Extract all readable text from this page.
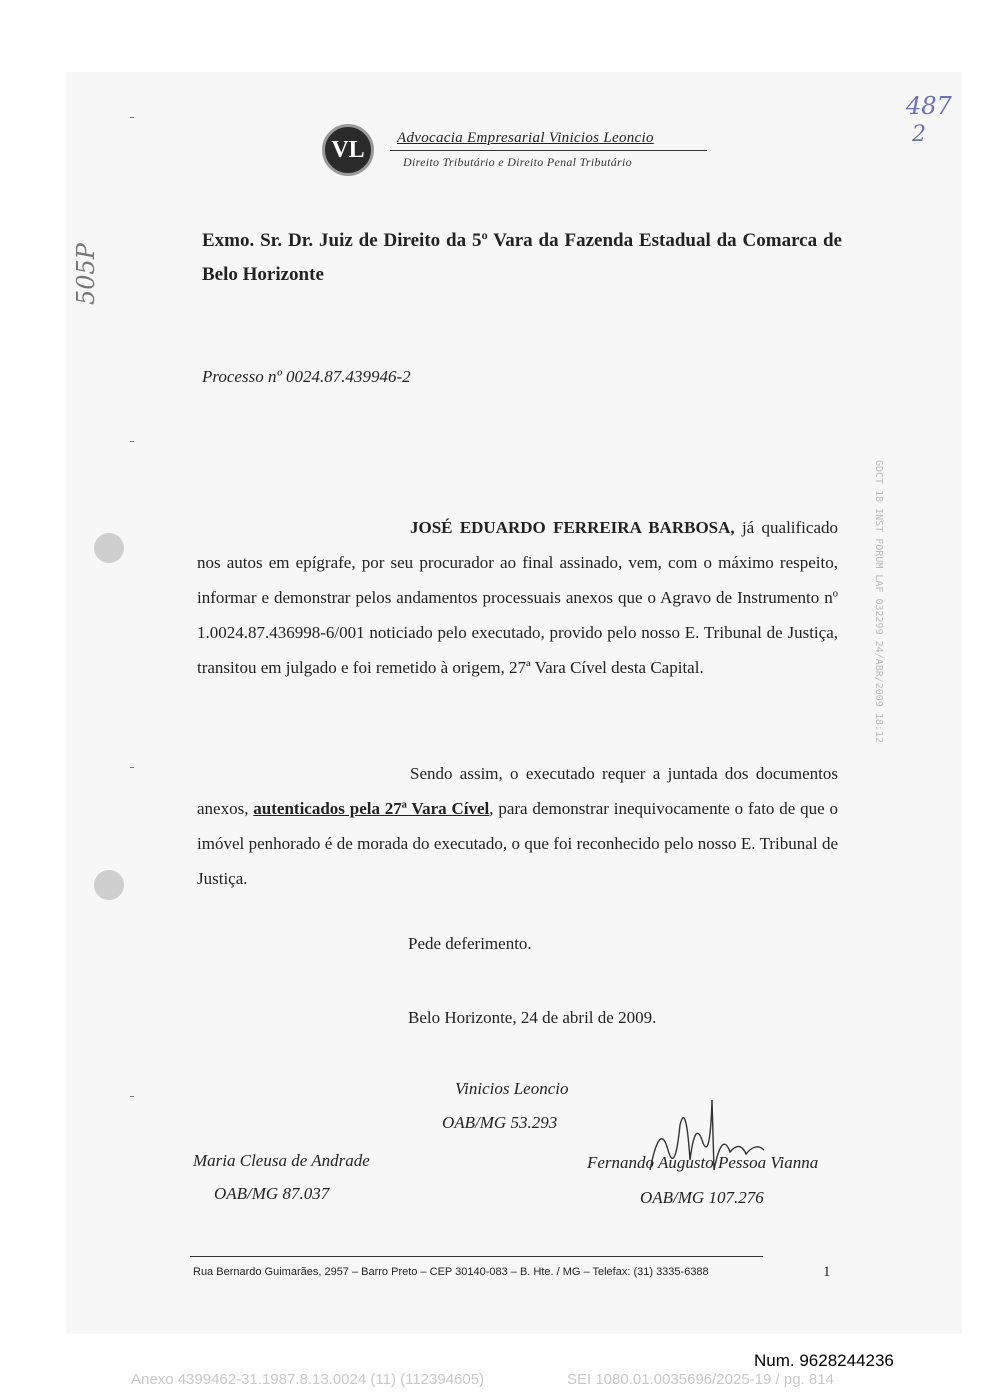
VL	Advocacia Empresarial Vinicios Leoncio
Direito Tributário e Direito Penal Tributário
487
2
505P
GDCT 18 INST FORUM LAF 032299 24/ABR/2009 18:12
Exmo. Sr. Dr. Juiz de Direito da 5º Vara da Fazenda Estadual da Comarca de Belo Horizonte
Processo nº 0024.87.439946-2
JOSÉ EDUARDO FERREIRA BARBOSA, já qualificado nos autos em epígrafe, por seu procurador ao final assinado, vem, com o máximo respeito, informar e demonstrar pelos andamentos processuais anexos que o Agravo de Instrumento nº 1.0024.87.436998-6/001 noticiado pelo executado, provido pelo nosso E. Tribunal de Justiça, transitou em julgado e foi remetido à origem, 27ª Vara Cível desta Capital.
Sendo assim, o executado requer a juntada dos documentos anexos, autenticados pela 27ª Vara Cível, para demonstrar inequivocamente o fato de que o imóvel penhorado é de morada do executado, o que foi reconhecido pelo nosso E. Tribunal de Justiça.
Pede deferimento.
Belo Horizonte, 24 de abril de 2009.
Vinicios Leoncio
OAB/MG 53.293
Maria Cleusa de Andrade
OAB/MG 87.037
Fernando Augusto Pessoa Vianna
OAB/MG 107.276
Rua Bernardo Guimarães, 2957 – Barro Preto – CEP 30140-083 – B. Hte. / MG – Telefax: (31) 3335-6388	1
Num. 9628244236
Anexo 4399462-31.1987.8.13.0024 (11) (112394605)	SEI 1080.01.0035696/2025-19 / pg. 814
